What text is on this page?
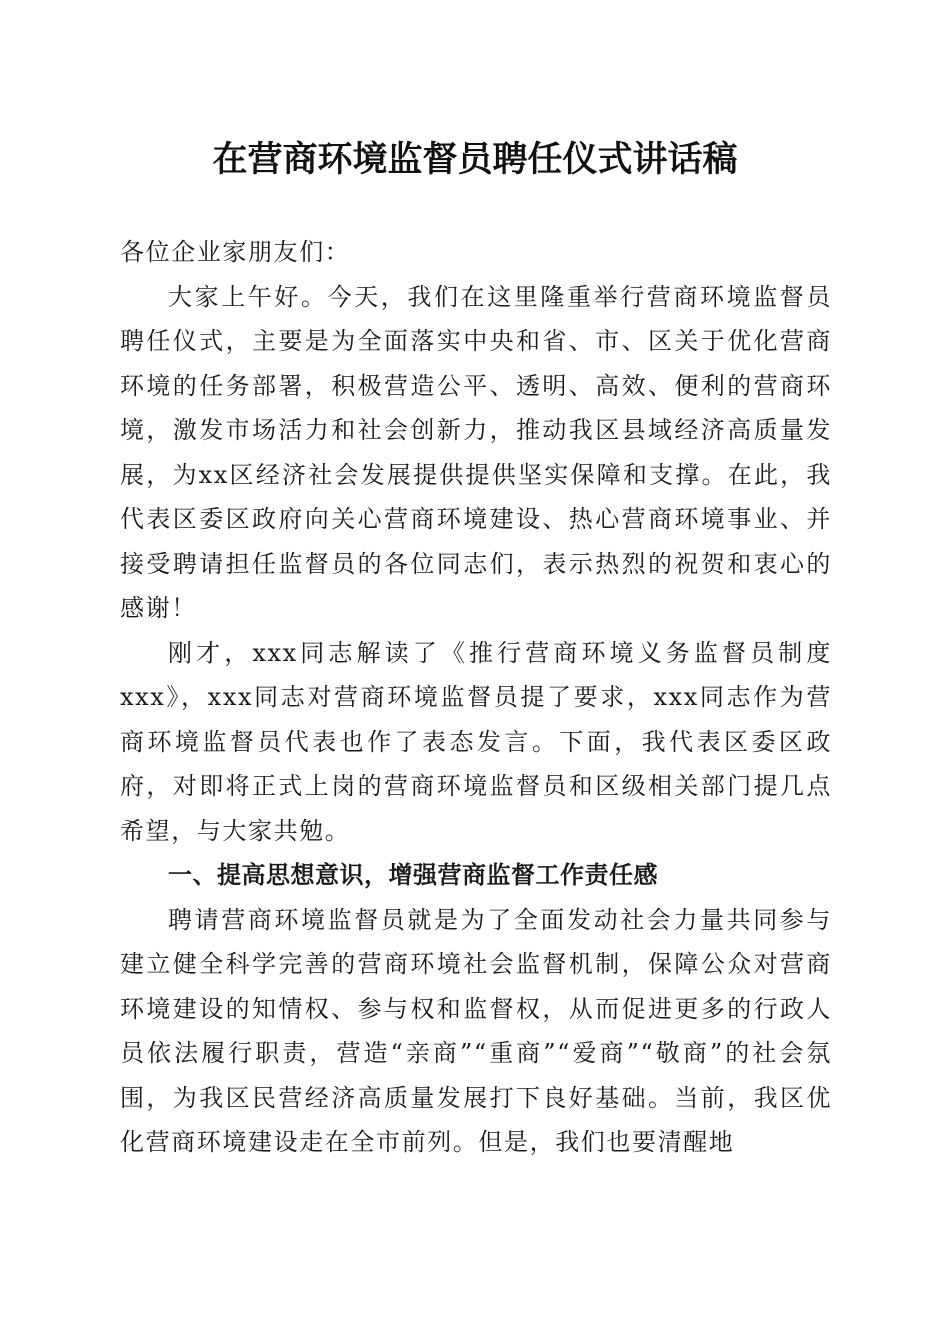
在营商环境监督员聘任仪式讲话稿

各位企业家朋友们：

大家上午好。今天，我们在这里隆重举行营商环境监督员聘任仪式，主要是为全面落实中央和省、市、区关于优化营商环境的任务部署，积极营造公平、透明、高效、便利的营商环境，激发市场活力和社会创新力，推动我区县域经济高质量发展，为xx区经济社会发展提供提供坚实保障和支撑。在此，我代表区委区政府向关心营商环境建设、热心营商环境事业、并接受聘请担任监督员的各位同志们，表示热烈的祝贺和衷心的感谢！

刚才，xxx同志解读了《推行营商环境义务监督员制度xxx》，xxx同志对营商环境监督员提了要求，xxx同志作为营商环境监督员代表也作了表态发言。下面，我代表区委区政府，对即将正式上岗的营商环境监督员和区级相关部门提几点希望，与大家共勉。

一、提高思想意识，增强营商监督工作责任感

聘请营商环境监督员就是为了全面发动社会力量共同参与建立健全科学完善的营商环境社会监督机制，保障公众对营商环境建设的知情权、参与权和监督权，从而促进更多的行政人员依法履行职责，营造“亲商”“重商”“爱商”“敬商”的社会氛围，为我区民营经济高质量发展打下良好基础。当前，我区优化营商环境建设走在全市前列。但是，我们也要清醒地
